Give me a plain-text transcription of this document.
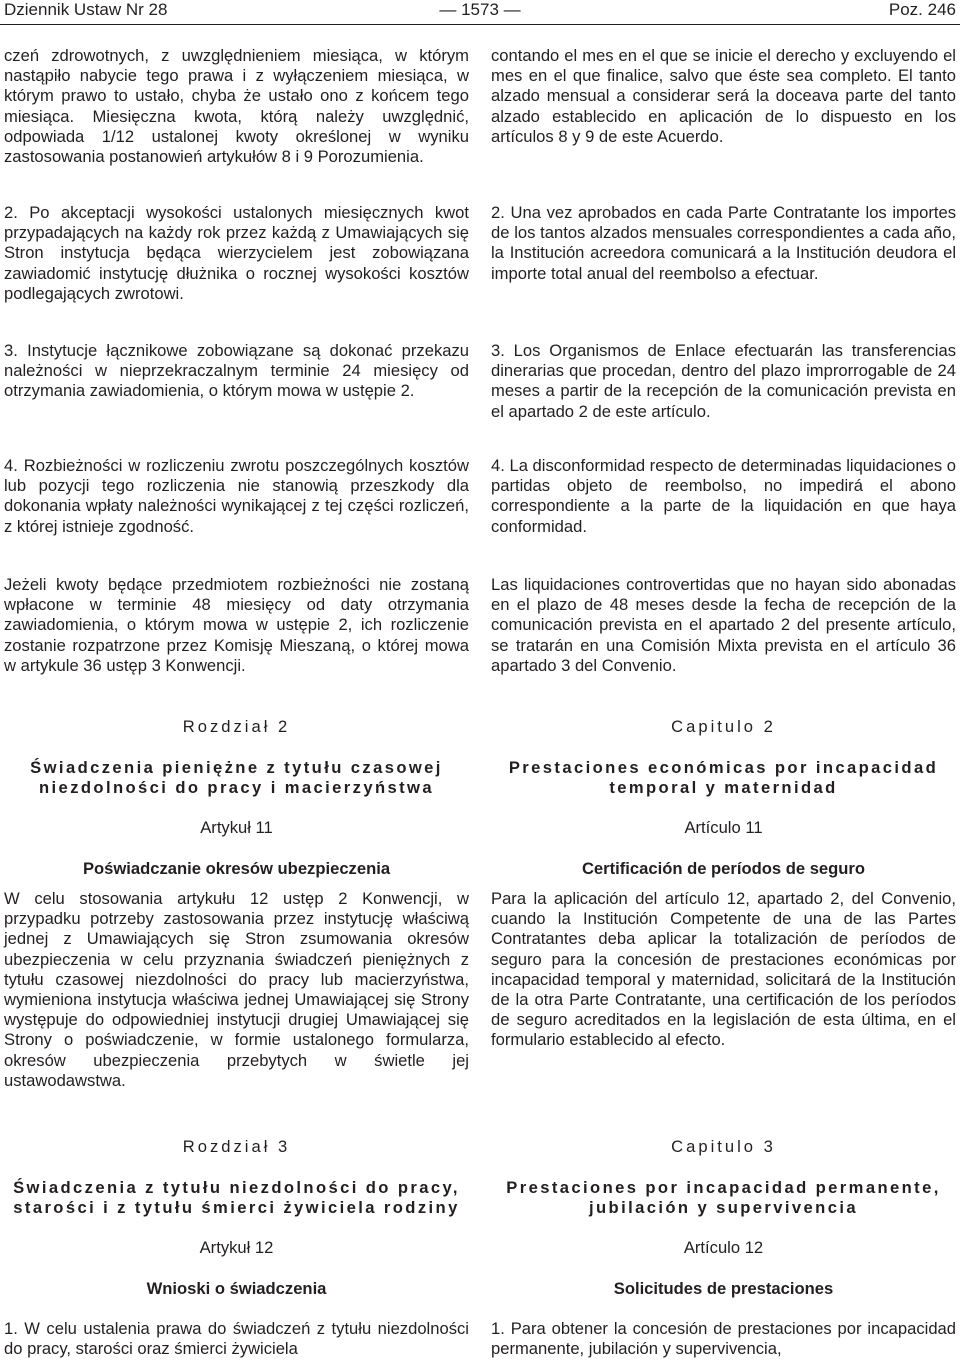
Dziennik Ustaw Nr 28	— 1573 —	Poz. 246

czeń zdrowotnych, z uwzględnieniem miesiąca, w którym nastąpiło nabycie tego prawa i z wyłączeniem miesiąca, w którym prawo to ustało, chyba że ustało ono z końcem tego miesiąca. Miesięczna kwota, którą należy uwzględnić, odpowiada 1/12 ustalonej kwoty określonej w wyniku zastosowania postanowień artykułów 8 i 9 Porozumienia.

2. Po akceptacji wysokości ustalonych miesięcznych kwot przypadających na każdy rok przez każdą z Umawiających się Stron instytucja będąca wierzycielem jest zobowiązana zawiadomić instytucję dłużnika o rocznej wysokości kosztów podlegających zwrotowi.

3. Instytucje łącznikowe zobowiązane są dokonać przekazu należności w nieprzekraczalnym terminie 24 miesięcy od otrzymania zawiadomienia, o którym mowa w ustępie 2.

4. Rozbieżności w rozliczeniu zwrotu poszczególnych kosztów lub pozycji tego rozliczenia nie stanowią przeszkody dla dokonania wpłaty należności wynikającej z tej części rozliczeń, z której istnieje zgodność.

Jeżeli kwoty będące przedmiotem rozbieżności nie zostaną wpłacone w terminie 48 miesięcy od daty otrzymania zawiadomienia, o którym mowa w ustępie 2, ich rozliczenie zostanie rozpatrzone przez Komisję Mieszaną, o której mowa w artykule 36 ustęp 3 Konwencji.

Rozdział 2

Świadczenia pieniężne z tytułu czasowej niezdolności do pracy i macierzyństwa

Artykuł 11

Poświadczanie okresów ubezpieczenia

W celu stosowania artykułu 12 ustęp 2 Konwencji, w przypadku potrzeby zastosowania przez instytucję właściwą jednej z Umawiających się Stron zsumowania okresów ubezpieczenia w celu przyznania świadczeń pieniężnych z tytułu czasowej niezdolności do pracy lub macierzyństwa, wymieniona instytucja właściwa jednej Umawiającej się Strony występuje do odpowiedniej instytucji drugiej Umawiającej się Strony o poświadczenie, w formie ustalonego formularza, okresów ubezpieczenia przebytych w świetle jej ustawodawstwa.

Rozdział 3

Świadczenia z tytułu niezdolności do pracy, starości i z tytułu śmierci żywiciela rodziny

Artykuł 12

Wnioski o świadczenia

1. W celu ustalenia prawa do świadczeń z tytułu niezdolności do pracy, starości oraz śmierci żywiciela

contando el mes en el que se inicie el derecho y excluyendo el mes en el que finalice, salvo que éste sea completo. El tanto alzado mensual a considerar será la doceava parte del tanto alzado establecido en aplicación de lo dispuesto en los artículos 8 y 9 de este Acuerdo.

2. Una vez aprobados en cada Parte Contratante los importes de los tantos alzados mensuales correspondientes a cada año, la Institución acreedora comunicará a la Institución deudora el importe total anual del reembolso a efectuar.

3. Los Organismos de Enlace efectuarán las transferencias dinerarias que procedan, dentro del plazo improrrogable de 24 meses a partir de la recepción de la comunicación prevista en el apartado 2 de este artículo.

4. La disconformidad respecto de determinadas liquidaciones o partidas objeto de reembolso, no impedirá el abono correspondiente a la parte de la liquidación en que haya conformidad.

Las liquidaciones controvertidas que no hayan sido abonadas en el plazo de 48 meses desde la fecha de recepción de la comunicación prevista en el apartado 2 del presente artículo, se tratarán en una Comisión Mixta prevista en el artículo 36 apartado 3 del Convenio.

Capitulo 2

Prestaciones económicas por incapacidad temporal y maternidad

Artículo 11

Certificación de períodos de seguro

Para la aplicación del artículo 12, apartado 2, del Convenio, cuando la Institución Competente de una de las Partes Contratantes deba aplicar la totalización de períodos de seguro para la concesión de prestaciones económicas por incapacidad temporal y maternidad, solicitará de la Institución de la otra Parte Contratante, una certificación de los períodos de seguro acreditados en la legislación de esta última, en el formulario establecido al efecto.

Capitulo 3

Prestaciones por incapacidad permanente, jubilación y supervivencia

Artículo 12

Solicitudes de prestaciones

1. Para obtener la concesión de prestaciones por incapacidad permanente, jubilación y supervivencia,
